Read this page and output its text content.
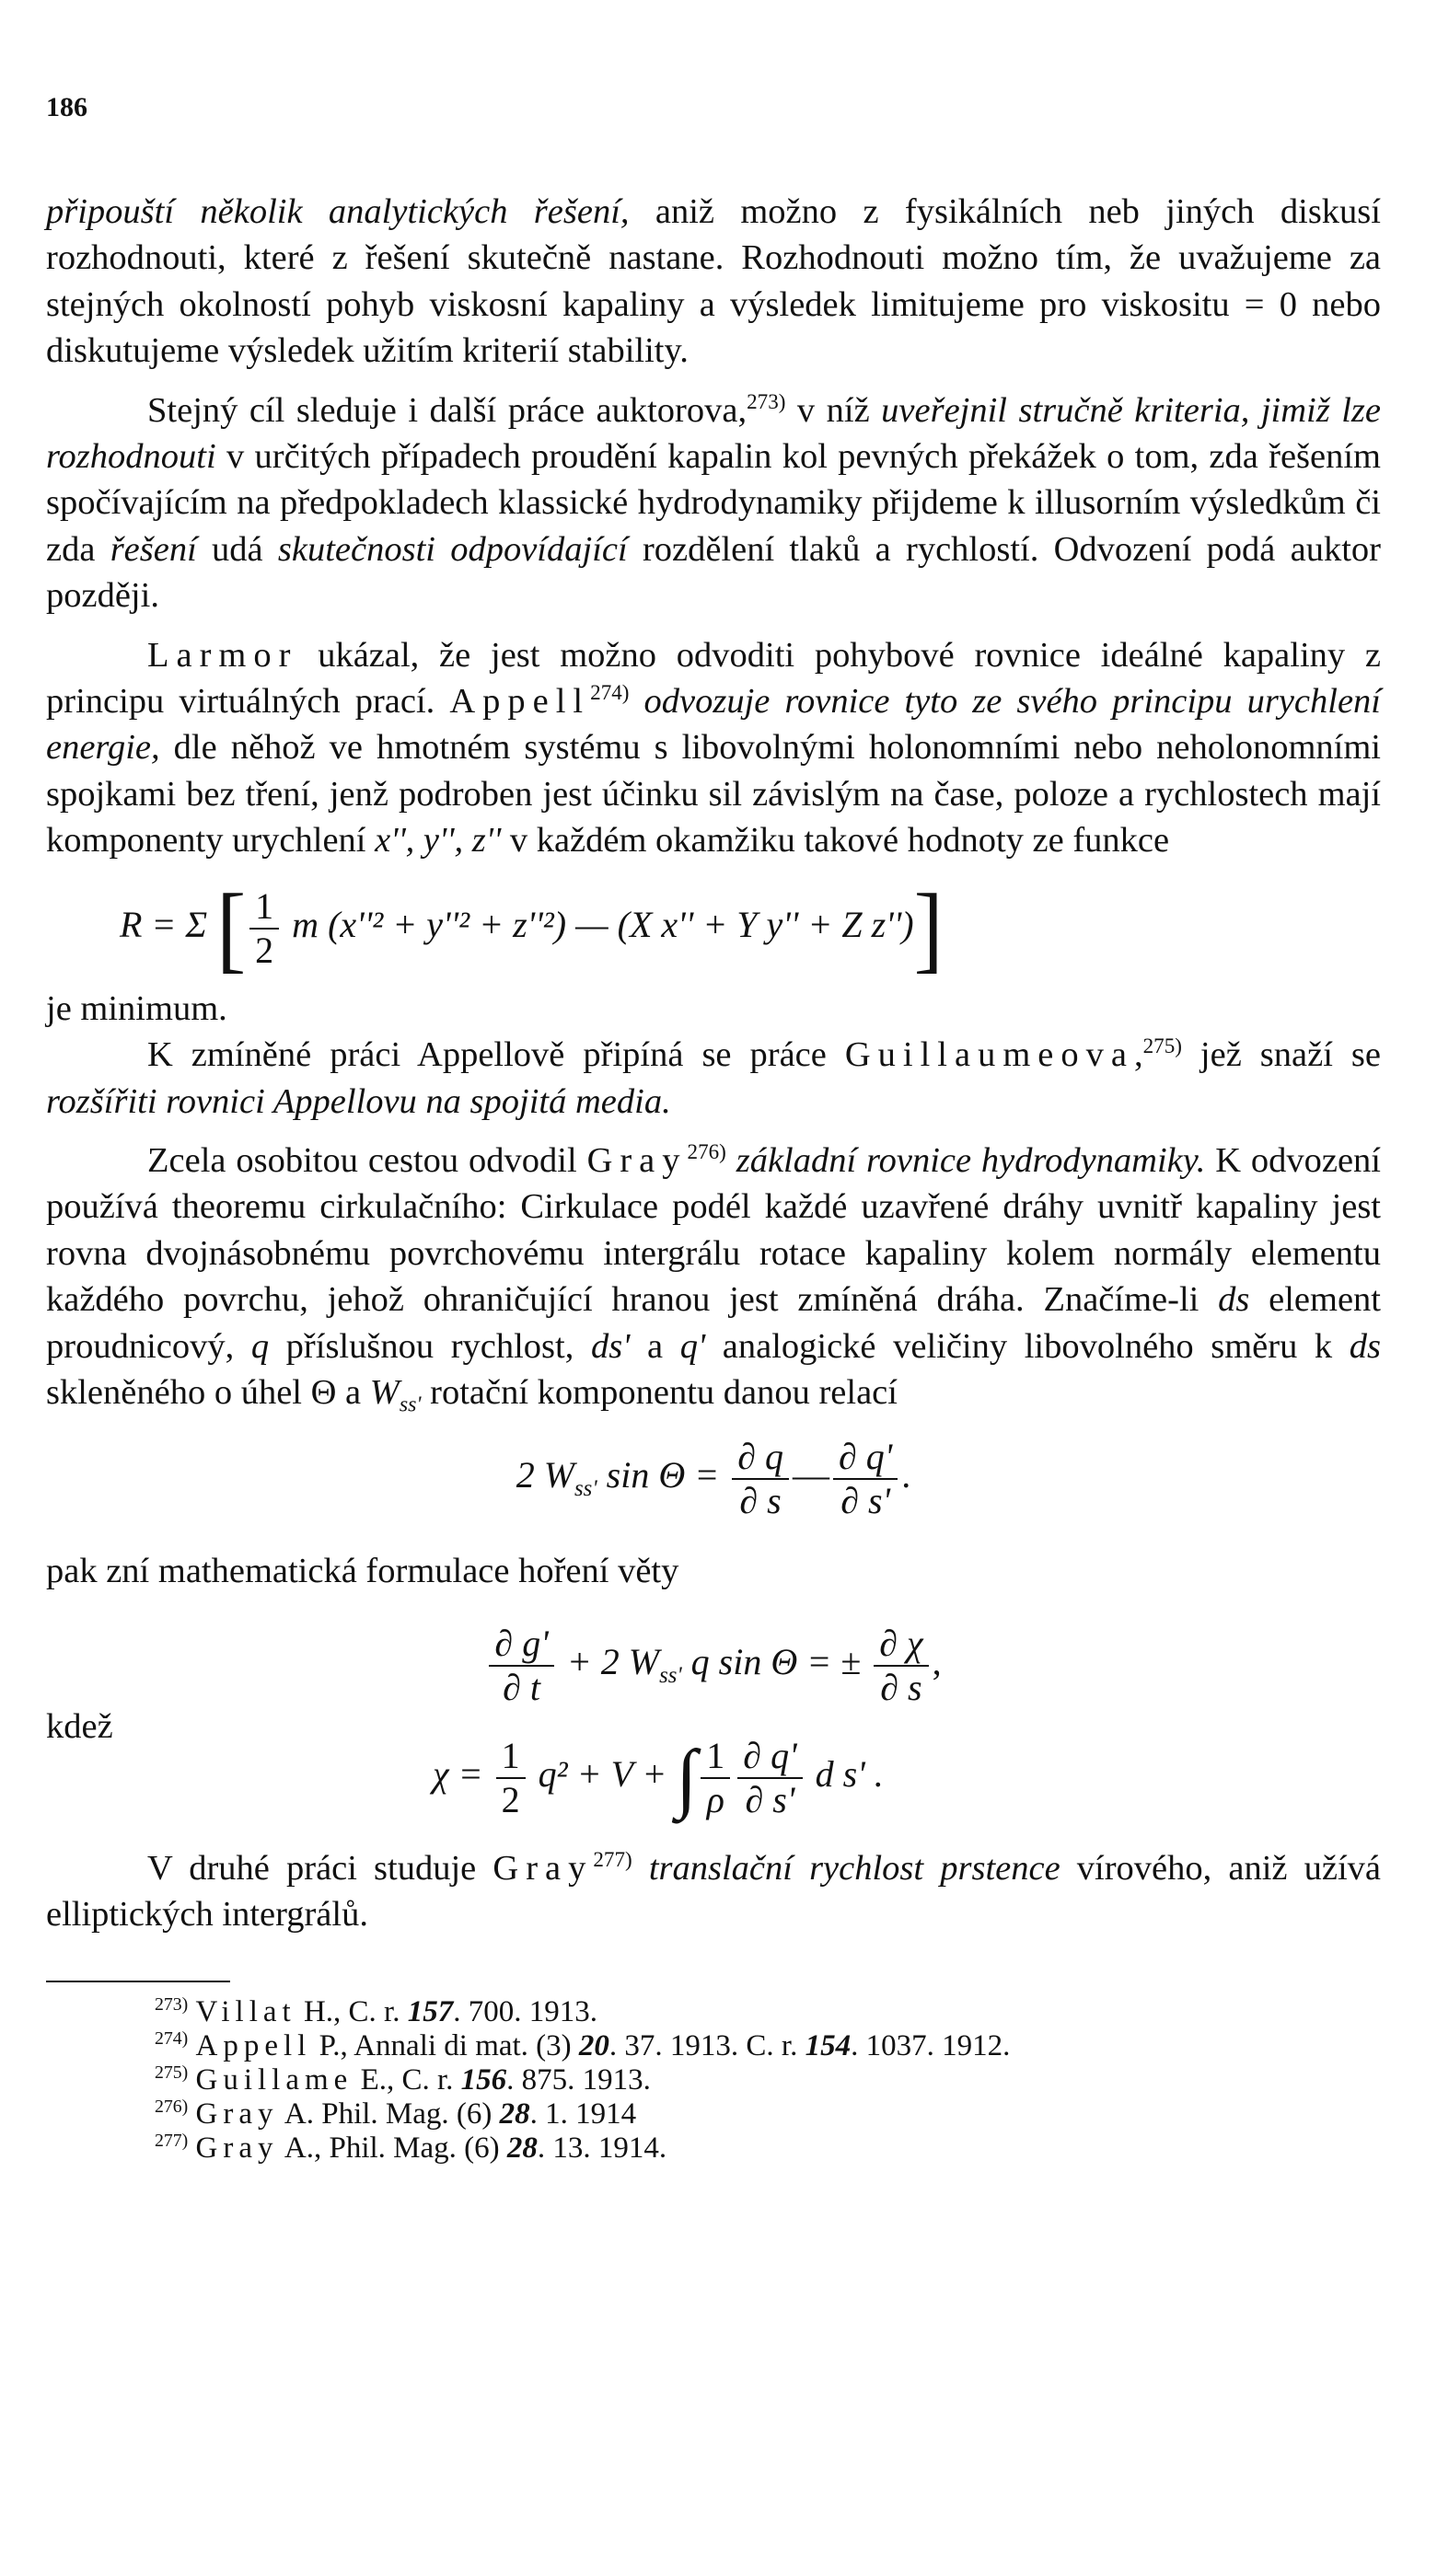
186

připouští několik analytických řešení, aniž možno z fysikálních neb jiných diskusí rozhodnouti, které z řešení skutečně nastane. Rozhodnouti možno tím, že uvažujeme za stejných okolností pohyb viskosní kapaliny a výsledek limitujeme pro viskositu = 0 nebo diskutujeme výsledek užitím kriterií stability.

Stejný cíl sleduje i další práce auktorova,$^{273)}$ v níž uveřejnil stručně kriteria, jimiž lze rozhodnouti v určitých případech proudění kapalin kol pevných překážek o tom, zda řešením spočívajícím na předpokladech klassické hydrodynamiky přijdeme k illusorním výsledkům či zda řešení udá skutečnosti odpovídající rozdělení tlaků a rychlostí. Odvození podá auktor později.

Larmor ukázal, že jest možno odvoditi pohybové rovnice ideálné kapaliny z principu virtuálných prací. Appell$^{274)}$ odvozuje rovnice tyto ze svého principu urychlení energie, dle něhož ve hmotném systému s libovolnými holonomními nebo neholonomními spojkami bez tření, jenž podroben jest účinku sil závislým na čase, poloze a rychlostech mají komponenty urychlení x'', y'', z'' v každém okamžiku takové hodnoty ze funkce

R = Σ [ $\frac{1}{2}$ m (x''² + y''² + z''²) — (X x'' + Y y'' + Z z'')]

je minimum.

K zmíněné práci Appellově připíná se práce Guillaumeova,$^{275)}$ jež snaží se rozšířiti rovnici Appellovu na spojitá media.

Zcela osobitou cestou odvodil Gray$^{276)}$ základní rovnice hydrodynamiky. K odvození používá theoremu cirkulačního: Cirkulace podél každé uzavřené dráhy uvnitř kapaliny jest rovna dvojnásobnému povrchovému intergrálu rotace kapaliny kolem normály elementu každého povrchu, jehož ohraničující hranou jest zmíněná dráha. Značíme-li ds element proudnicový, q příslušnou rychlost, ds' a q' analogické veličiny libovolného směru k ds skleněného o úhel Θ a $W_{ss'}$ rotační komponentu danou relací

2 $W_{ss'}$ $\sin \Theta = \frac{\partial q}{\partial s}$ — $\frac{\partial q'}{\partial s'}$ .

pak zní mathematická formulace hoření věty

$\frac{\partial g'}{\partial t} + 2$ $W_{ss'}$ q sin Θ = ± $\frac{\partial \chi}{\partial s}$ ,
kdež
$\chi = \frac{1}{2} q^2 + V$ + ∫ $\frac{1}{\rho} \frac{\partial q'}{\partial s'}$ d s' .

V druhé práci studuje Gray$^{277)}$ translační rychlost prstence vírového, aniž užívá elliptických intergrálů.

$^{273)}$ Villat H., C. r. 157. 700. 1913.
$^{274)}$ Appell P., Annali di mat. (3) 20. 37. 1913. C. r. 154. 1037. 1912.
$^{275)}$ Guillame E., C. r. 156. 875. 1913.
$^{276)}$ Gray A. Phil. Mag. (6) 28. 1. 1914
$^{277)}$ Gray A., Phil. Mag. (6) 28. 13. 1914.
